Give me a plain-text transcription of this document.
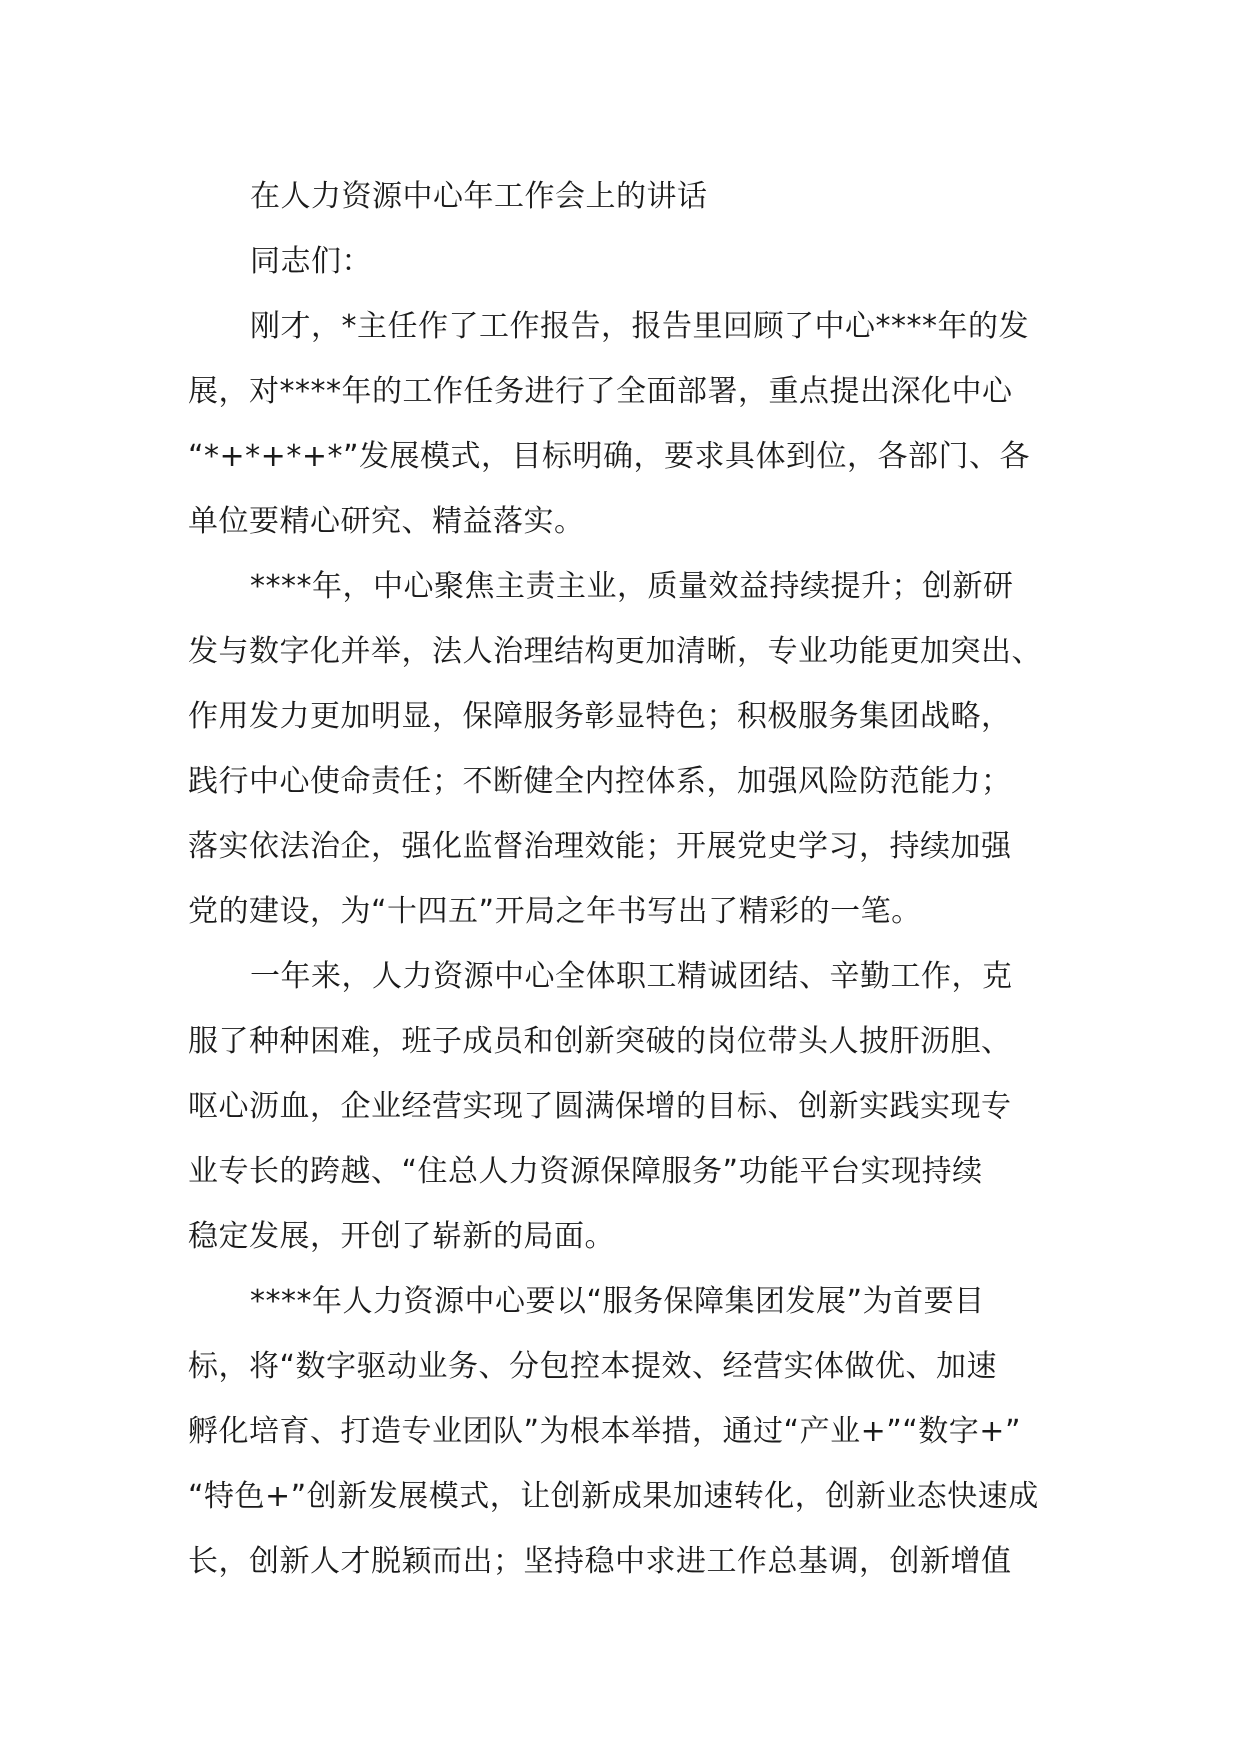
在人力资源中心年工作会上的讲话
同志们：
刚才，*主任作了工作报告，报告里回顾了中心****年的发
展，对****年的工作任务进行了全面部署，重点提出深化中心
“*+*+*+*”发展模式，目标明确，要求具体到位，各部门、各
单位要精心研究、精益落实。
****年，中心聚焦主责主业，质量效益持续提升；创新研
发与数字化并举，法人治理结构更加清晰，专业功能更加突出、
作用发力更加明显，保障服务彰显特色；积极服务集团战略，
践行中心使命责任；不断健全内控体系，加强风险防范能力；
落实依法治企，强化监督治理效能；开展党史学习，持续加强
党的建设，为“十四五”开局之年书写出了精彩的一笔。
一年来，人力资源中心全体职工精诚团结、辛勤工作，克
服了种种困难，班子成员和创新突破的岗位带头人披肝沥胆、
呕心沥血，企业经营实现了圆满保增的目标、创新实践实现专
业专长的跨越、“住总人力资源保障服务”功能平台实现持续
稳定发展，开创了崭新的局面。
****年人力资源中心要以“服务保障集团发展”为首要目
标，将“数字驱动业务、分包控本提效、经营实体做优、加速
孵化培育、打造专业团队”为根本举措，通过“产业+”“数字+”
“特色+”创新发展模式，让创新成果加速转化，创新业态快速成
长，创新人才脱颖而出；坚持稳中求进工作总基调，创新增值
